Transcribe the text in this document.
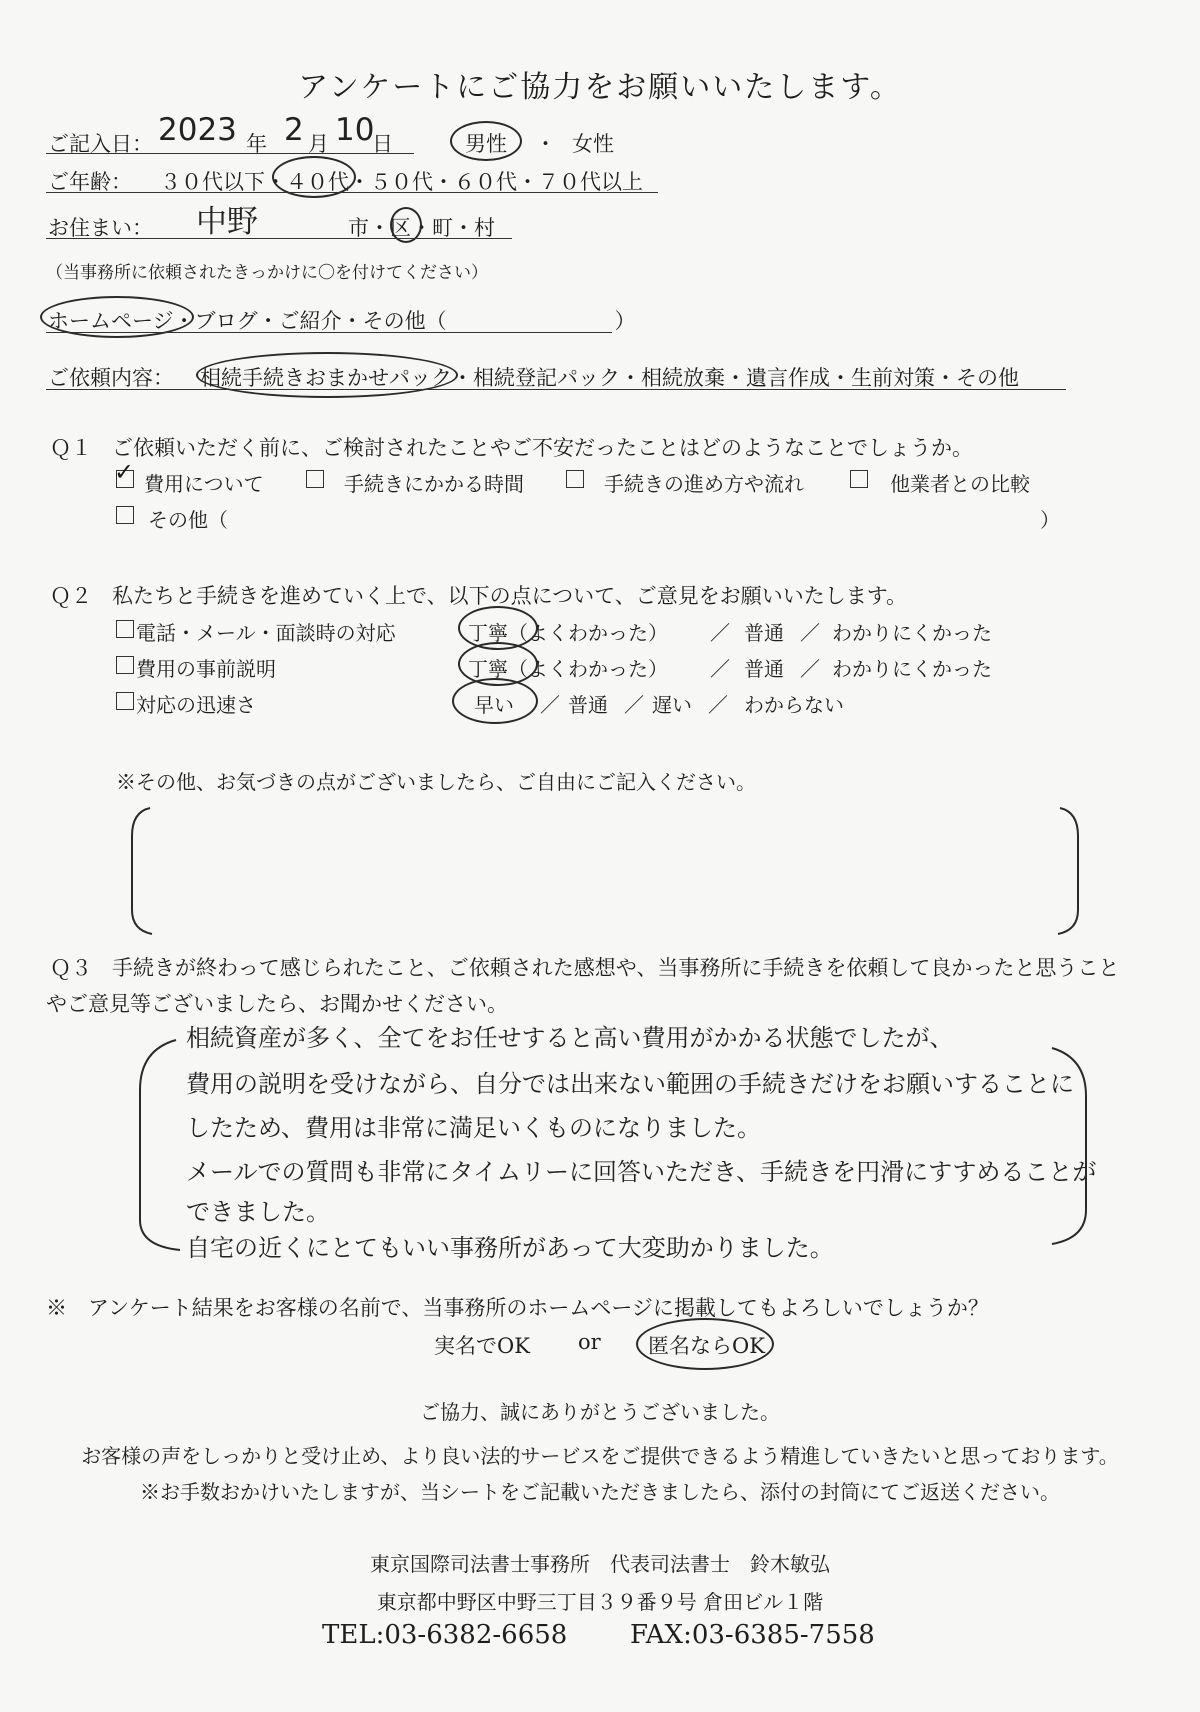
アンケートにご協力をお願いいたします。
ご記入日： 2023 年 2 月 10
日	男性 ・ 女性
ご年齢： ３０代以下・４０代・５０代・６０代・７０代以上
お住まい： 中野	市・区・町・村
（当事務所に依頼されたきっかけに〇を付けてください）
ホームページ・ブログ・ご紹介・その他（　　　　　　　　）
ご依頼内容： 相続手続きおまかせパック・相続登記パック・相続放棄・遺言作成・生前対策・その他
Ｑ１ ご依頼いただく前に、ご検討されたことやご不安だったことはどのようなことでしょうか。
✓ 費用について	手続きにかかる時間	手続きの進め方や流れ	他業者との比較
その他（	）
Ｑ２ 私たちと手続きを進めていく上で、以下の点について、ご意見をお願いいたします。
電話・メール・面談時の対応	丁寧（よくわかった） ／ 普通 ／ わかりにくかった
費用の事前説明	丁寧（よくわかった） ／ 普通 ／ わかりにくかった
対応の迅速さ	早い ／ 普通 ／ 遅い ／ わからない
※その他、お気づきの点がございましたら、ご自由にご記入ください。
Ｑ３ 手続きが終わって感じられたこと、ご依頼された感想や、当事務所に手続きを依頼して良かったと思うこと
やご意見等ございましたら、お聞かせください。
相続資産が多く、全てをお任せすると高い費用がかかる状態でしたが、
費用の説明を受けながら、自分では出来ない範囲の手続きだけをお願いすることに
したため、費用は非常に満足いくものになりました。
メールでの質問も非常にタイムリーに回答いただき、手続きを円滑にすすめることが
できました。
自宅の近くにとてもいい事務所があって大変助かりました。
※　アンケート結果をお客様の名前で、当事務所のホームページに掲載してもよろしいでしょうか？
実名でOK or 匿名ならOK
ご協力、誠にありがとうございました。
お客様の声をしっかりと受け止め、より良い法的サービスをご提供できるよう精進していきたいと思っております。
※お手数おかけいたしますが、当シートをご記載いただきましたら、添付の封筒にてご返送ください。
東京国際司法書士事務所　代表司法書士　鈴木敏弘
東京都中野区中野三丁目３９番９号 倉田ビル１階
TEL:03-6382-6658 FAX:03-6385-7558
